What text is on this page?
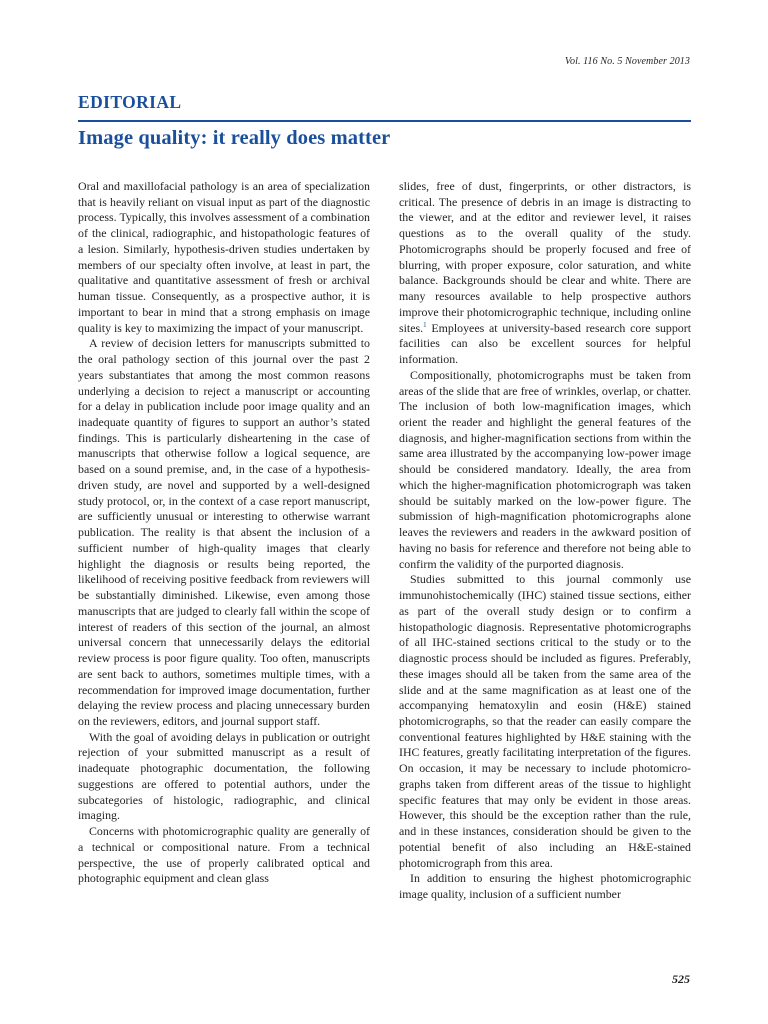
Vol. 116 No. 5 November 2013
EDITORIAL
Image quality: it really does matter

Oral and maxillofacial pathology is an area of specialization that is heavily reliant on visual input as part of the diagnostic process. Typically, this involves assessment of a combination of the clinical, radiographic, and histopathologic features of a lesion. Similarly, hypothesis-driven studies undertaken by members of our specialty often involve, at least in part, the qualitative and quantitative assessment of fresh or archival human tissue. Consequently, as a prospective author, it is important to bear in mind that a strong emphasis on image quality is key to maximizing the impact of your manuscript.

A review of decision letters for manuscripts submitted to the oral pathology section of this journal over the past 2 years substantiates that among the most common reasons underlying a decision to reject a manuscript or accounting for a delay in publication include poor image quality and an inadequate quantity of figures to support an author’s stated findings. This is particularly disheartening in the case of manuscripts that otherwise follow a logical sequence, are based on a sound premise, and, in the case of a hypothesis-driven study, are novel and supported by a well-designed study protocol, or, in the context of a case report manuscript, are sufficiently unusual or interesting to otherwise warrant publication. The reality is that absent the inclusion of a sufficient number of high-quality images that clearly highlight the diagnosis or results being reported, the likelihood of receiving positive feedback from reviewers will be substantially diminished. Likewise, even among those manuscripts that are judged to clearly fall within the scope of interest of readers of this section of the journal, an almost universal concern that unnecessarily delays the editorial review process is poor figure quality. Too often, manuscripts are sent back to authors, sometimes multiple times, with a recommendation for improved image documentation, further delaying the review process and placing unnecessary burden on the reviewers, editors, and journal support staff.

With the goal of avoiding delays in publication or outright rejection of your submitted manuscript as a result of inadequate photographic documentation, the following suggestions are offered to potential authors, under the subcategories of histologic, radiographic, and clinical imaging.

Concerns with photomicrographic quality are generally of a technical or compositional nature. From a technical perspective, the use of properly calibrated optical and photographic equipment and clean glass

slides, free of dust, fingerprints, or other distractors, is critical. The presence of debris in an image is distracting to the viewer, and at the editor and reviewer level, it raises questions as to the overall quality of the study. Photomicrographs should be properly focused and free of blurring, with proper exposure, color saturation, and white balance. Backgrounds should be clear and white. There are many resources available to help prospective authors improve their photomicrographic technique, including online sites.$^1$ Employees at university-based research core support facilities can also be excellent sources for helpful information.

Compositionally, photomicrographs must be taken from areas of the slide that are free of wrinkles, overlap, or chatter. The inclusion of both low-magnification images, which orient the reader and highlight the general features of the diagnosis, and higher-magnification sections from within the same area illustrated by the accompanying low-power image should be considered mandatory. Ideally, the area from which the higher-magnification photomicrograph was taken should be suitably marked on the low-power figure. The submission of high-magnification photomicrographs alone leaves the reviewers and readers in the awkward position of having no basis for reference and therefore not being able to confirm the validity of the purported diagnosis.

Studies submitted to this journal commonly use immunohistochemically (IHC) stained tissue sections, either as part of the overall study design or to confirm a histopathologic diagnosis. Representative photomicrographs of all IHC-stained sections critical to the study or to the diagnostic process should be included as figures. Preferably, these images should all be taken from the same area of the slide and at the same magnification as at least one of the accompanying hematoxylin and eosin (H&E) stained photomicrographs, so that the reader can easily compare the conventional features highlighted by H&E staining with the IHC features, greatly facilitating interpretation of the figures. On occasion, it may be necessary to include photomicrographs taken from different areas of the tissue to highlight specific features that may only be evident in those areas. However, this should be the exception rather than the rule, and in these instances, consideration should be given to the potential benefit of also including an H&E-stained photomicrograph from this area.

In addition to ensuring the highest photomicrographic image quality, inclusion of a sufficient number

525
